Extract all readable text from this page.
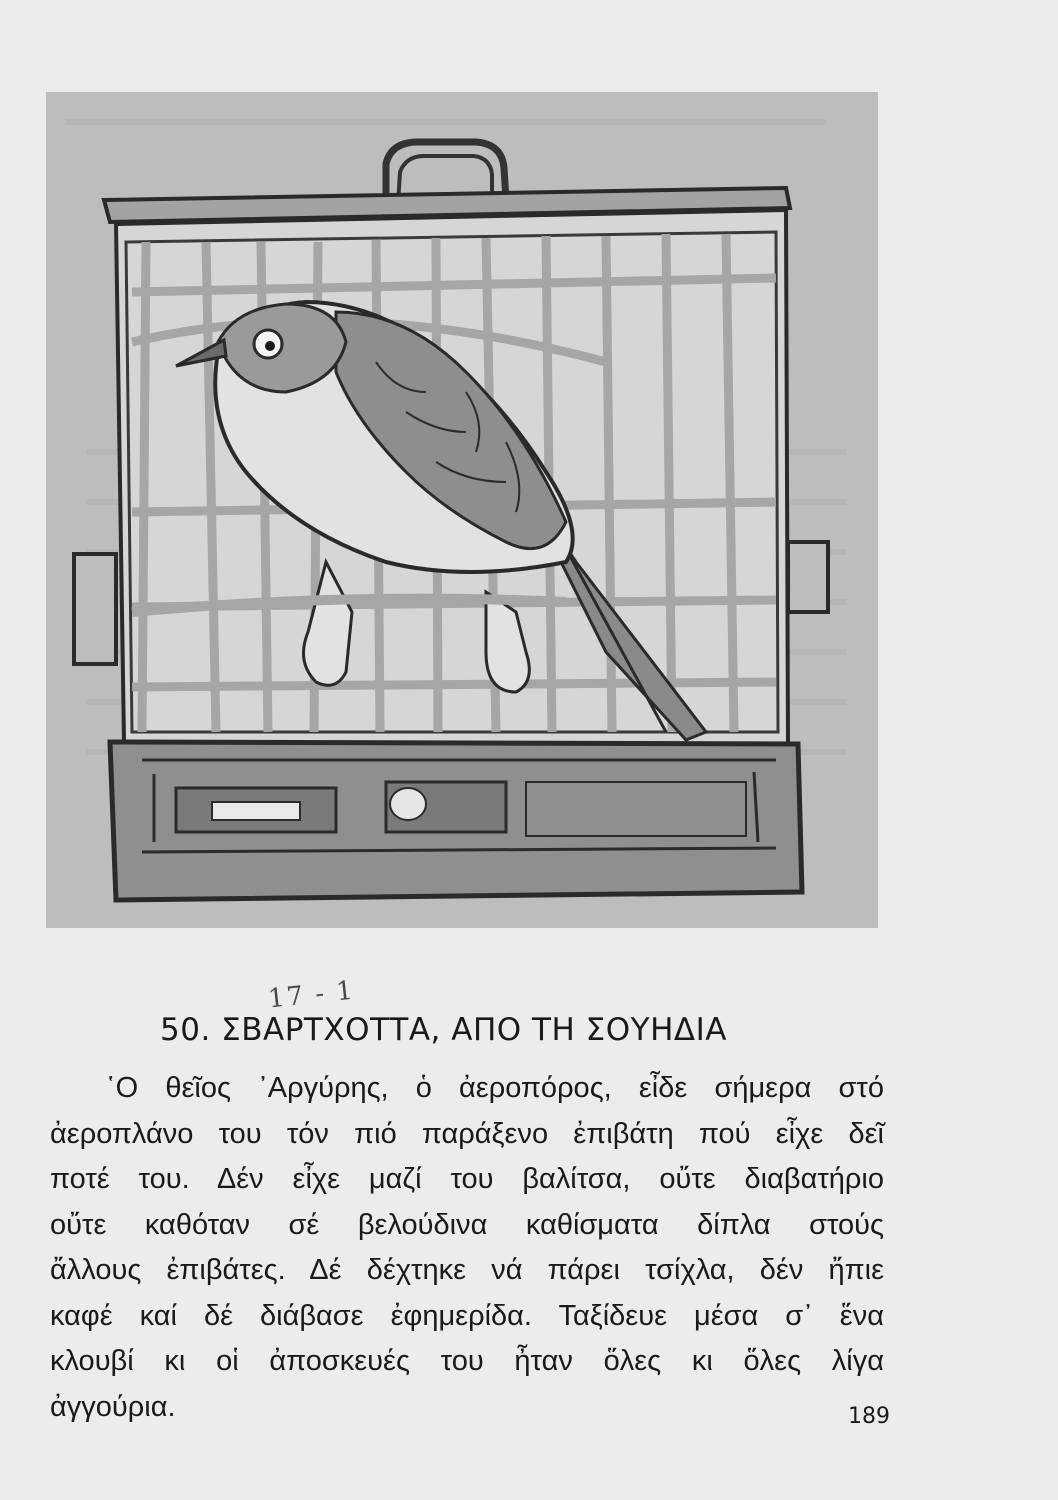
17 - 1
50. ΣΒΑΡΤΧΟΤΤΑ, ΑΠΟ ΤΗ ΣΟΥΗΔΙΑ
῾Ο θεῖος ᾿Αργύρης, ὁ ἀεροπόρος, εἶδε σήμερα στό
ἀεροπλάνο του τόν πιό παράξενο ἐπιβάτη πού εἶχε δεῖ
ποτέ του. Δέν εἶχε μαζί του βαλίτσα, οὔτε διαβατήριο
οὔτε καθόταν σέ βελούδινα καθίσματα δίπλα στούς
ἄλλους ἐπιβάτες. Δέ δέχτηκε νά πάρει τσίχλα, δέν ἤπιε
καφέ καί δέ διάβασε ἐφημερίδα. Ταξίδευε μέσα σ᾿ ἕνα
κλουβί κι οἱ ἀποσκευές του ἦταν ὅλες κι ὅλες λίγα
ἀγγούρια.	189
